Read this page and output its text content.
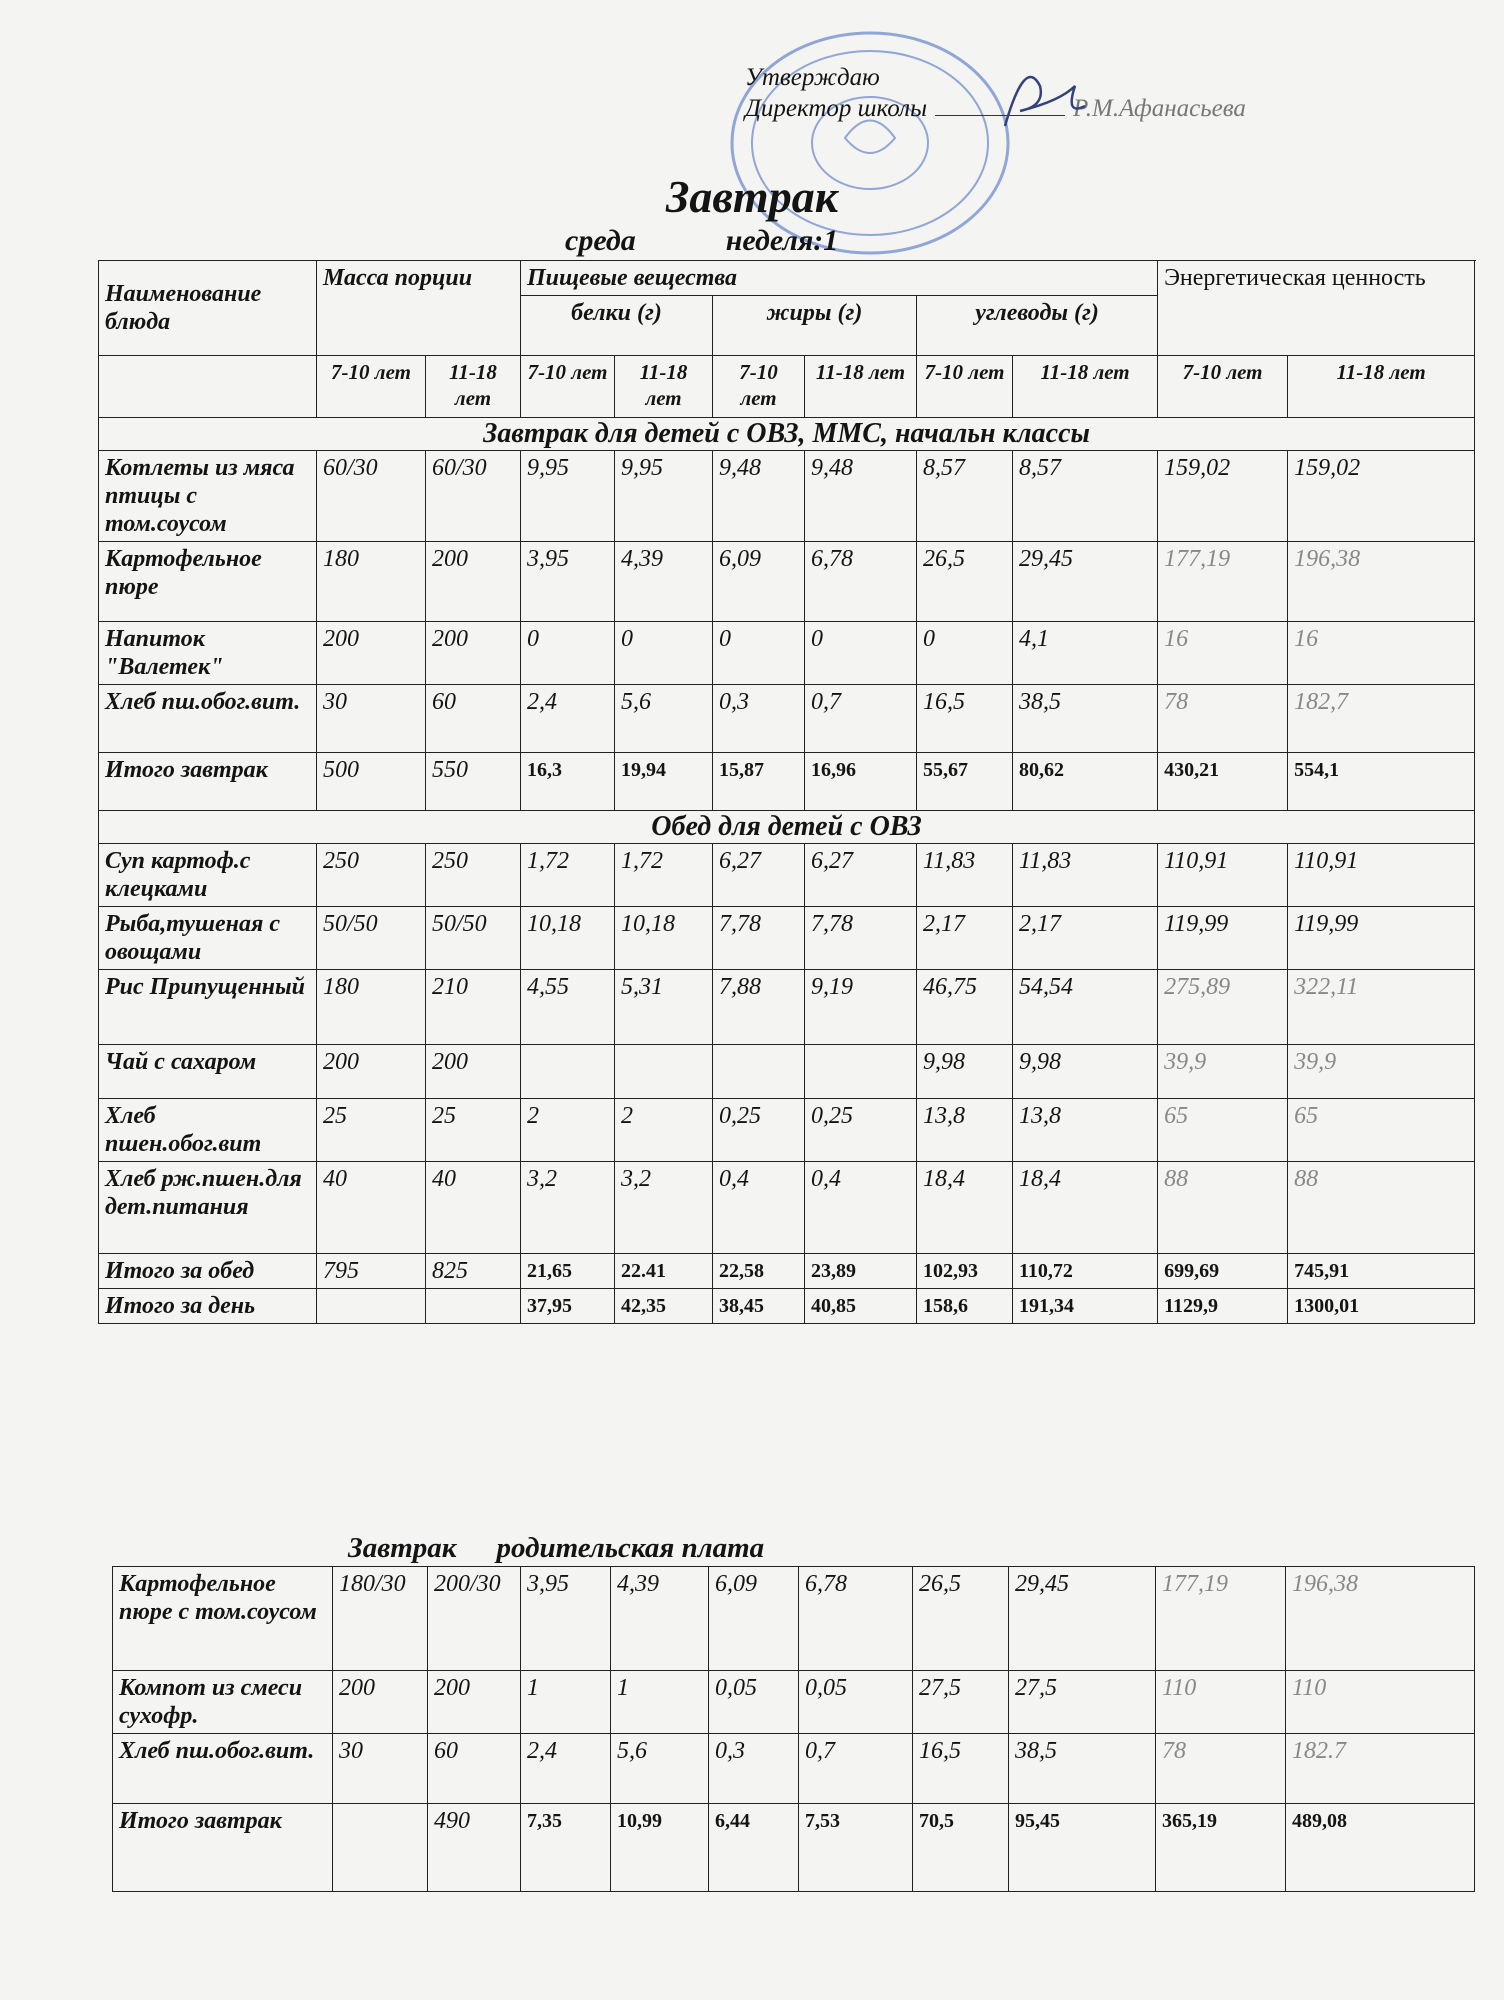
Утверждаю
Директор школы	Р.М.Афанасьева
Завтрак
среда	неделя:1
Наименование блюда	Масса порции		Пищевые вещества						Энергетическая ценность		
			белки (г)		жиры (г)		углеводы (г)				
	7-10 лет	11-18 лет	7-10 лет	11-18 лет	7-10 лет	11-18 лет	7-10 лет	11-18 лет	7-10 лет	11-18 лет	
Завтрак для детей с ОВЗ, ММС, начальн классы											
Котлеты из мяса птицы с том.соусом	60/30	60/30	9,95	9,95	9,48	9,48	8,57	8,57	159,02	159,02	
Картофельное пюре	180	200	3,95	4,39	6,09	6,78	26,5	29,45	177,19	196,38	
Напиток "Валетек"	200	200	0	0	0	0	0	4,1	16	16	
Хлеб пш.обог.вит.	30	60	2,4	5,6	0,3	0,7	16,5	38,5	78	182,7	
Итого завтрак	500	550	16,3	19,94	15,87	16,96	55,67	80,62	430,21	554,1	
Обед для детей с ОВЗ											
Суп картоф.с клецками	250	250	1,72	1,72	6,27	6,27	11,83	11,83	110,91	110,91	
Рыба,тушеная с овощами	50/50	50/50	10,18	10,18	7,78	7,78	2,17	2,17	119,99	119,99	
Рис Припущенный	180	210	4,55	5,31	7,88	9,19	46,75	54,54	275,89	322,11	
Чай с сахаром	200	200					9,98	9,98	39,9	39,9	
Хлеб пшен.обог.вит	25	25	2	2	0,25	0,25	13,8	13,8	65	65	
Хлеб рж.пшен.для дет.питания	40	40	3,2	3,2	0,4	0,4	18,4	18,4	88	88	
Итого за обед	795	825	21,65	22.41	22,58	23,89	102,93	110,72	699,69	745,91	
Итого за день			37,95	42,35	38,45	40,85	158,6	191,34	1129,9	1300,01	
Завтрак родительская плата
Картофельное пюре с том.соусом	180/30	200/30	3,95	4,39	6,09	6,78	26,5	29,45	177,19	196,38	
Компот из смеси сухофр.	200	200	1	1	0,05	0,05	27,5	27,5	110	110	
Хлеб пш.обог.вит.	30	60	2,4	5,6	0,3	0,7	16,5	38,5	78	182.7	
Итого завтрак		490	7,35	10,99	6,44	7,53	70,5	95,45	365,19	489,08	
